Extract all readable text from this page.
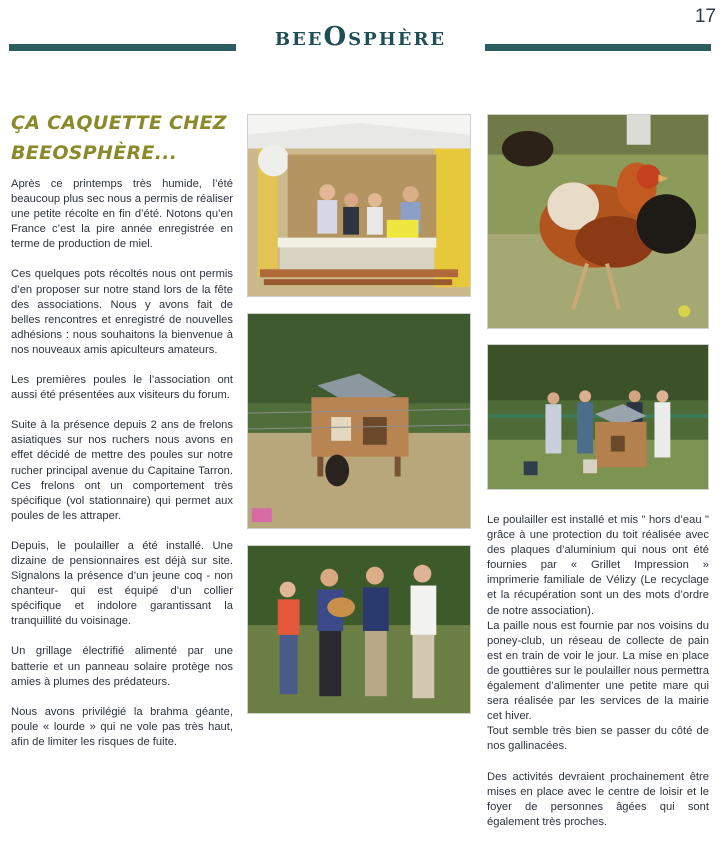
17
beeOsphère
ÇA CAQUETTE CHEZ BEEOSPHÈRE...

Après ce printemps très humide, l’été beaucoup plus sec nous a permis de réaliser une petite récolte en fin d’été. Notons qu’en France c’est la pire année enregistrée en terme de production de miel.

Ces quelques pots récoltés nous ont permis d’en proposer sur notre stand lors de la fête des associations. Nous y avons fait de belles rencontres et enregistré de nouvelles adhésions : nous souhaitons la bienvenue à nos nouveaux amis apiculteurs amateurs.

Les premières poules le l’association ont aussi été présentées aux visiteurs du forum.

Suite à la présence depuis 2 ans de frelons asiatiques sur nos ruchers nous avons en effet décidé de mettre des poules sur notre rucher principal avenue du Capitaine Tarron. Ces frelons ont un comportement très spécifique (vol stationnaire) qui permet aux poules de les attraper.

Depuis, le poulailler a été installé. Une dizaine de pensionnaires est déjà sur site. Signalons la présence d’un jeune coq - non chanteur- qui est équipé d’un collier spécifique et indolore garantissant la tranquillité du voisinage.

Un grillage électrifié alimenté par une batterie et un panneau solaire protège nos amies à plumes des prédateurs.

Nous avons privilégié la brahma géante, poule « lourde » qui ne vole pas très haut, afin de limiter les risques de fuite.

Le poulailler est installé et mis " hors d’eau " grâce à une protection du toit réalisée avec des plaques d’aluminium qui nous ont été fournies par « Grillet Impression » imprimerie familiale de Vélizy (Le recyclage et la récupération sont un des mots d’ordre de notre association).

La paille nous est fournie par nos voisins du poney-club, un réseau de collecte de pain est en train de voir le jour. La mise en place de gouttières sur le poulailler nous permettra également d’alimenter une petite mare qui sera réalisée par les services de la mairie cet hiver.

Tout semble très bien se passer du côté de nos gallinacées.

Des activités devraient prochainement être mises en place avec le centre de loisir et le foyer de personnes âgées qui sont également très proches.
